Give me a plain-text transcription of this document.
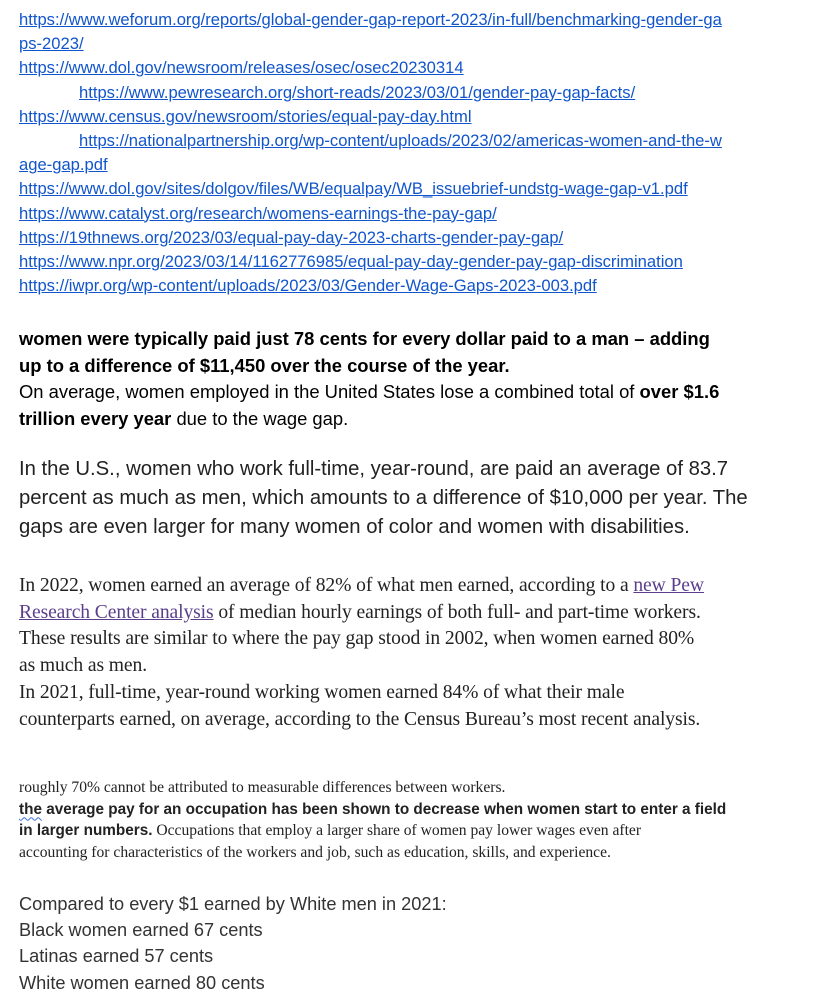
https://www.weforum.org/reports/global-gender-gap-report-2023/in-full/benchmarking-gender-ga
ps-2023/
https://www.dol.gov/newsroom/releases/osec/osec20230314
https://www.pewresearch.org/short-reads/2023/03/01/gender-pay-gap-facts/
https://www.census.gov/newsroom/stories/equal-pay-day.html
https://nationalpartnership.org/wp-content/uploads/2023/02/americas-women-and-the-w
age-gap.pdf
https://www.dol.gov/sites/dolgov/files/WB/equalpay/WB_issuebrief-undstg-wage-gap-v1.pdf
https://www.catalyst.org/research/womens-earnings-the-pay-gap/
https://19thnews.org/2023/03/equal-pay-day-2023-charts-gender-pay-gap/
https://www.npr.org/2023/03/14/1162776985/equal-pay-day-gender-pay-gap-discrimination
https://iwpr.org/wp-content/uploads/2023/03/Gender-Wage-Gaps-2023-003.pdf
women were typically paid just 78 cents for every dollar paid to a man – adding
up to a difference of $11,450 over the course of the year.
On average, women employed in the United States lose a combined total of over $1.6
trillion every year due to the wage gap.
In the U.S., women who work full-time, year-round, are paid an average of 83.7
percent as much as men, which amounts to a difference of $10,000 per year. The
gaps are even larger for many women of color and women with disabilities.
In 2022, women earned an average of 82% of what men earned, according to a new Pew
Research Center analysis of median hourly earnings of both full- and part-time workers.
These results are similar to where the pay gap stood in 2002, when women earned 80%
as much as men.
In 2021, full-time, year-round working women earned 84% of what their male
counterparts earned, on average, according to the Census Bureau’s most recent analysis.
roughly 70% cannot be attributed to measurable differences between workers.
the average pay for an occupation has been shown to decrease when women start to enter a field
in larger numbers. Occupations that employ a larger share of women pay lower wages even after
accounting for characteristics of the workers and job, such as education, skills, and experience.
Compared to every $1 earned by White men in 2021:
Black women earned 67 cents
Latinas earned 57 cents
White women earned 80 cents
